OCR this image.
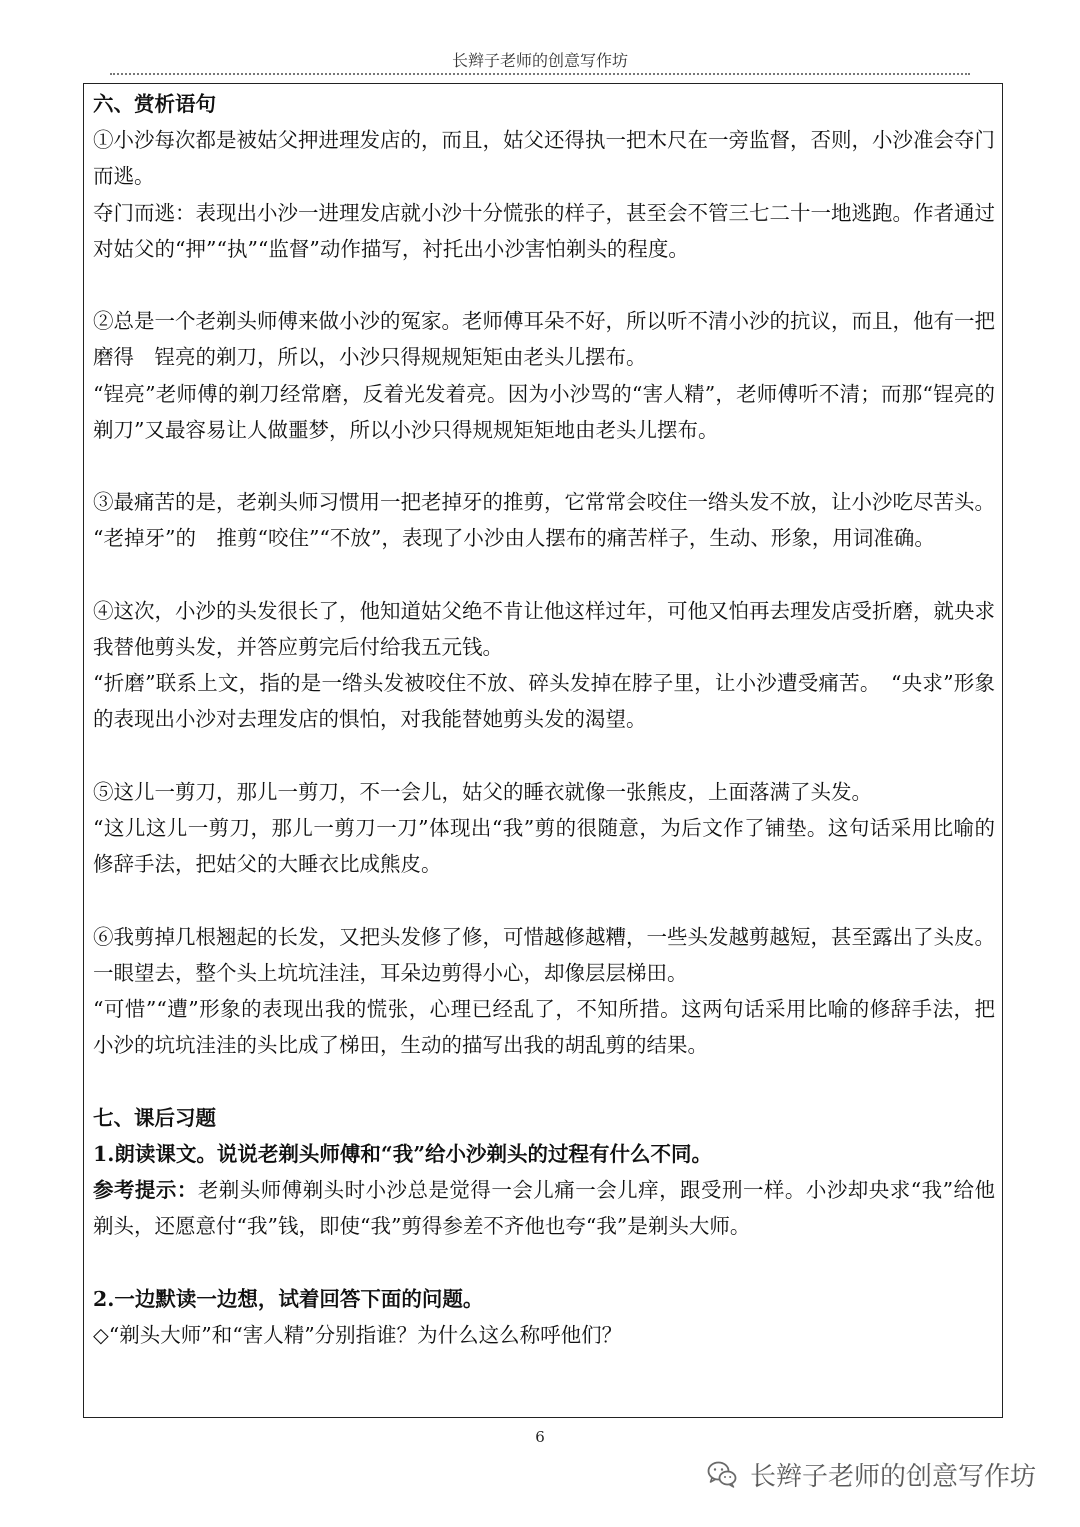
长辫子老师的创意写作坊

六、赏析语句

①小沙每次都是被姑父押进理发店的，而且，姑父还得执一把木尺在一旁监督，否则，小沙准会夺门而逃。

夺门而逃：表现出小沙一进理发店就小沙十分慌张的样子，甚至会不管三七二十一地逃跑。作者通过对姑父的“押”“执”“监督”动作描写，衬托出小沙害怕剃头的程度。

②总是一个老剃头师傅来做小沙的冤家。老师傅耳朵不好，所以听不清小沙的抗议，而且，他有一把磨得　锃亮的剃刀，所以，小沙只得规规矩矩由老头儿摆布。

“锃亮”老师傅的剃刀经常磨，反着光发着亮。因为小沙骂的“害人精”，老师傅听不清；而那“锃亮的剃刀”又最容易让人做噩梦，所以小沙只得规规矩矩地由老头儿摆布。

③最痛苦的是，老剃头师习惯用一把老掉牙的推剪，它常常会咬住一绺头发不放，让小沙吃尽苦头。

“老掉牙”的　推剪“咬住”“不放”，表现了小沙由人摆布的痛苦样子，生动、形象，用词准确。

④这次，小沙的头发很长了，他知道姑父绝不肯让他这样过年，可他又怕再去理发店受折磨，就央求我替他剪头发，并答应剪完后付给我五元钱。

“折磨”联系上文，指的是一绺头发被咬住不放、碎头发掉在脖子里，让小沙遭受痛苦。　“央求”形象的表现出小沙对去理发店的惧怕，对我能替她剪头发的渴望。

⑤这儿一剪刀，那儿一剪刀，不一会儿，姑父的睡衣就像一张熊皮，上面落满了头发。

“这儿这儿一剪刀，那儿一剪刀一刀”体现出“我”剪的很随意，为后文作了铺垫。这句话采用比喻的修辞手法，把姑父的大睡衣比成熊皮。

⑥我剪掉几根翘起的长发，又把头发修了修，可惜越修越糟，一些头发越剪越短，甚至露出了头皮。一眼望去，整个头上坑坑洼洼，耳朵边剪得小心，却像层层梯田。

“可惜”“遭”形象的表现出我的慌张，心理已经乱了，不知所措。这两句话采用比喻的修辞手法，把小沙的坑坑洼洼的头比成了梯田，生动的描写出我的胡乱剪的结果。

七、课后习题

1.朗读课文。说说老剃头师傅和“我”给小沙剃头的过程有什么不同。

参考提示：老剃头师傅剃头时小沙总是觉得一会儿痛一会儿痒，跟受刑一样。小沙却央求“我”给他剃头，还愿意付“我”钱，即使“我”剪得参差不齐他也夸“我”是剃头大师。

2.一边默读一边想，试着回答下面的问题。

◇“剃头大师”和“害人精”分别指谁？为什么这么称呼他们？

6
长辫子老师的创意写作坊
